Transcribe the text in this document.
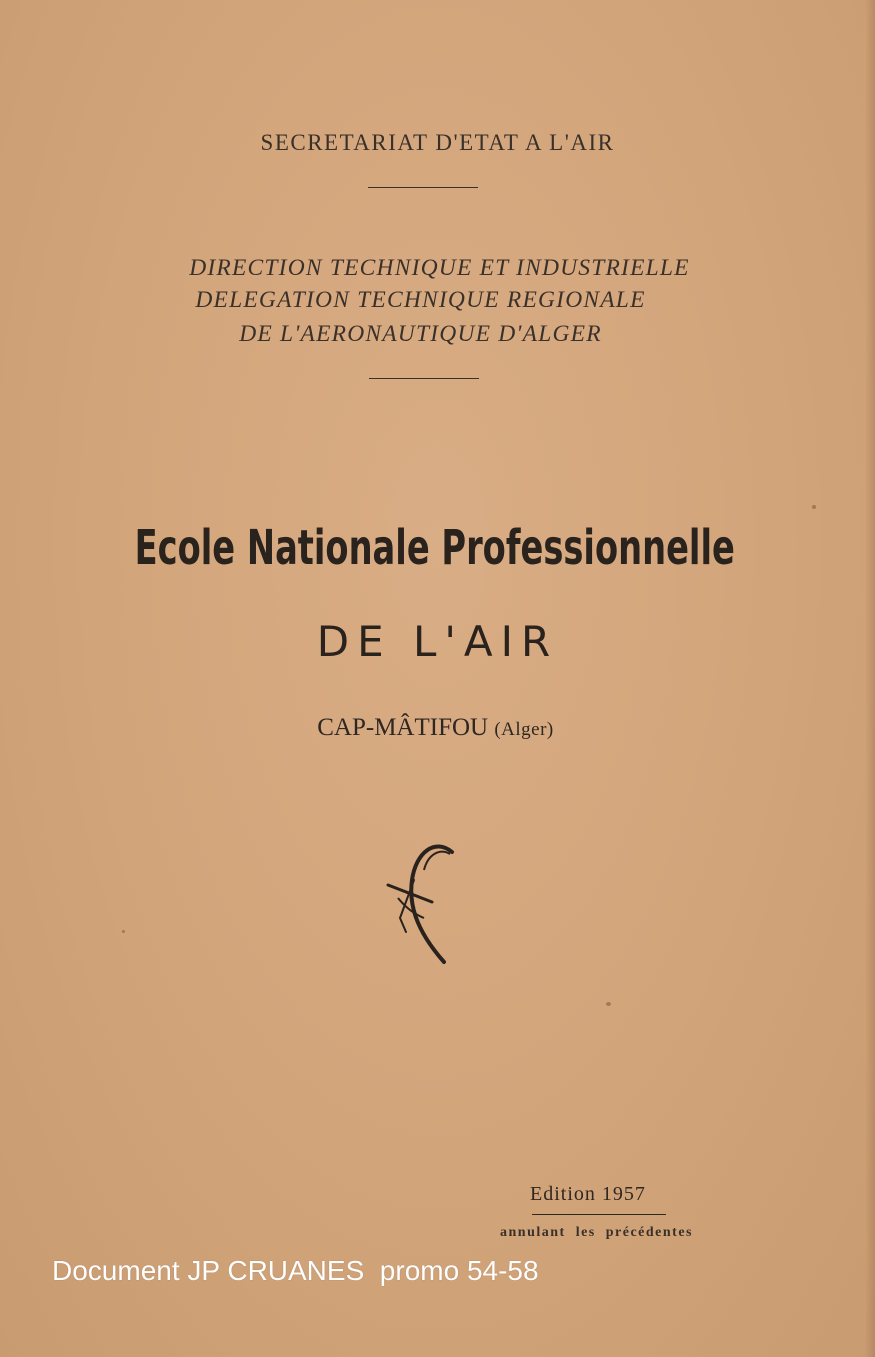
SECRETARIAT D'ETAT A L'AIR
DIRECTION TECHNIQUE ET INDUSTRIELLE
DELEGATION TECHNIQUE REGIONALE
DE L'AERONAUTIQUE D'ALGER
Ecole Nationale Professionnelle
DE L'AIR
CAP-MÂTIFOU (Alger)
Edition 1957
annulant les précédentes
Document JP CRUANES  promo 54-58
